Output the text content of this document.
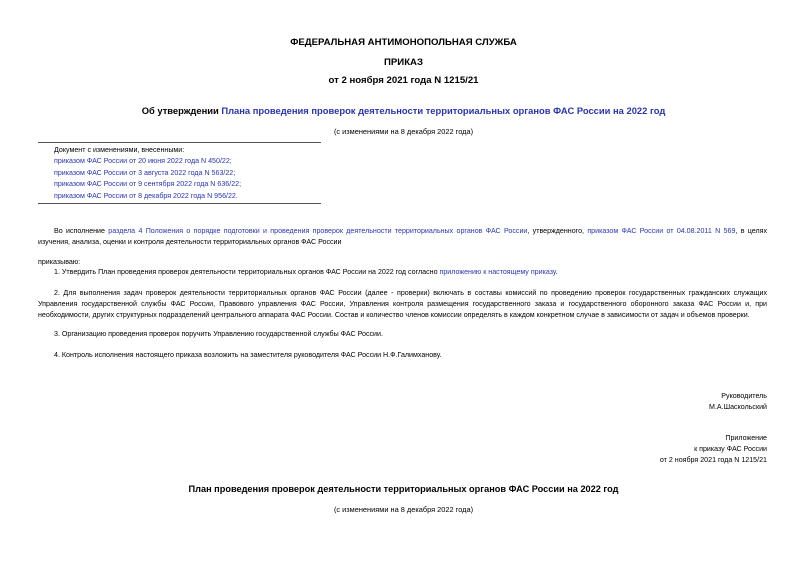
ФЕДЕРАЛЬНАЯ АНТИМОНОПОЛЬНАЯ СЛУЖБА
ПРИКАЗ
от 2 ноября 2021 года N 1215/21
Об утверждении Плана проведения проверок деятельности территориальных органов ФАС России на 2022 год
(с изменениями на 8 декабря 2022 года)
Документ с изменениями, внесенными:
приказом ФАС России от 20 июня 2022 года N 450/22;
приказом ФАС России от 3 августа 2022 года N 563/22;
приказом ФАС России от 9 сентября 2022 года N 636/22;
приказом ФАС России от 8 декабря 2022 года N 956/22.
Во исполнение раздела 4 Положения о порядке подготовки и проведения проверок деятельности территориальных органов ФАС России, утвержденного, приказом ФАС России от 04.08.2011 N 569, в целях изучения, анализа, оценки и контроля деятельности территориальных органов ФАС России
приказываю:
1. Утвердить План проведения проверок деятельности территориальных органов ФАС России на 2022 год согласно приложению к настоящему приказу.
2. Для выполнения задач проверок деятельности территориальных органов ФАС России (далее - проверки) включать в составы комиссий по проведению проверок государственных гражданских служащих Управления государственной службы ФАС России, Правового управления ФАС России, Управления контроля размещения государственного заказа и государственного оборонного заказа ФАС России и, при необходимости, других структурных подразделений центрального аппарата ФАС России. Состав и количество членов комиссии определять в каждом конкретном случае в зависимости от задач и объемов проверки.
3. Организацию проведения проверок поручить Управлению государственной службы ФАС России.
4. Контроль исполнения настоящего приказа возложить на заместителя руководителя ФАС России Н.Ф.Галимханову.
Руководитель
М.А.Шаскольский
Приложение
к приказу ФАС России
от 2 ноября 2021 года N 1215/21
План проведения проверок деятельности территориальных органов ФАС России на 2022 год
(с изменениями на 8 декабря 2022 года)
